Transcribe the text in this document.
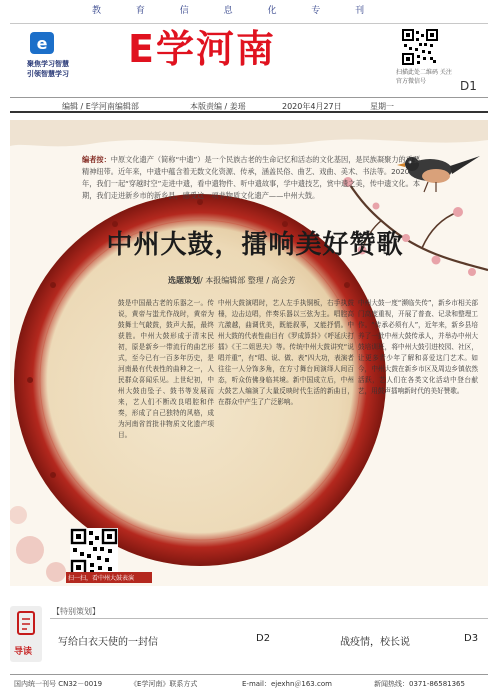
教 育 信 息 化 专 刊
e
聚焦学习智慧
引领智慧学习
E学河南
扫描此处二维码 关注官方微信号	D1
编辑 / E学河南编辑部	本版责编 / 姜瑶	2020年4月27日	星期一
编者按：中原文化遗产（简称“中遗”）是一个民族古老的生命记忆和活态的文化基因，是民族凝聚力的重要精神纽带。近年来，中遗中蕴含着无数文化资源、传承，涵盖民俗、曲艺、戏曲、美术、书法等。2020年，我们一起“穿越时空”走进中遗，看中遗物件、听中遗故事，学中遗技艺，赏中遗之美，传中遗文化。本期，我们走进新乡市的新乡县，感受这一项非物质文化遗产——中州大鼓。
中州大鼓，擂响美好赞歌
选题策划/ 本报编辑部 整理 / 高会芳
鼓是中国最古老的乐器之一。传说，黄帝与蚩尤作战时，黄帝为鼓舞士气敲鼓，鼓声大振，最终获胜。中州大鼓形成于清末民初，原是新乡一带流行的曲艺形式，至今已有一百多年历史，是河南最有代表性的曲种之一，人民群众喜闻乐见。上世纪初，中州大鼓由坠子、鼓书等发展而来，艺人们不断改良唱腔和伴奏，形成了自己独特的风格，成为河南省首批非物质文化遗产项目。
中州大鼓演唱时，艺人左手执铜板，右手执鼓棰，边击边唱，伴奏乐器以三弦为主。唱腔高亢激越，曲调优美，既能叙事，又能抒情。中州大鼓的代表性曲目有《罗成算卦》《呼延庆打擂》《王二姐思夫》等。传统中州大鼓讲究“说唱并重”，有“唱、说、做、表”四大功，表演者往往一人分饰多角，在方寸舞台间演绎人间百态，听众仿佛身临其境。新中国成立后，中州大鼓艺人编演了大量反映时代生活的新曲目，在群众中产生了广泛影响。
中州大鼓一度“濒临失传”，新乡市相关部门高度重视，开展了普查、记录和整理工作。“传承必须有人”，近年来，新乡县培养了一批中州大鼓传承人，并举办中州大鼓培训班，将中州大鼓引进校园、社区，让更多青少年了解和喜爱这门艺术。如今，中州大鼓在新乡市区及周边乡镇依然活跃，艺人们在各类文化活动中登台献艺，用鼓声擂响新时代的美好赞歌。
扫一扫，看中州大鼓表演
导读
【特别策划】
写给白衣天使的一封信	D2	战疫情，校长说	D3
国内统一刊号 CN32－0019	《E学河南》联系方式	E-mail：ejexhn＠163.com	新闻热线：0371-86581365
